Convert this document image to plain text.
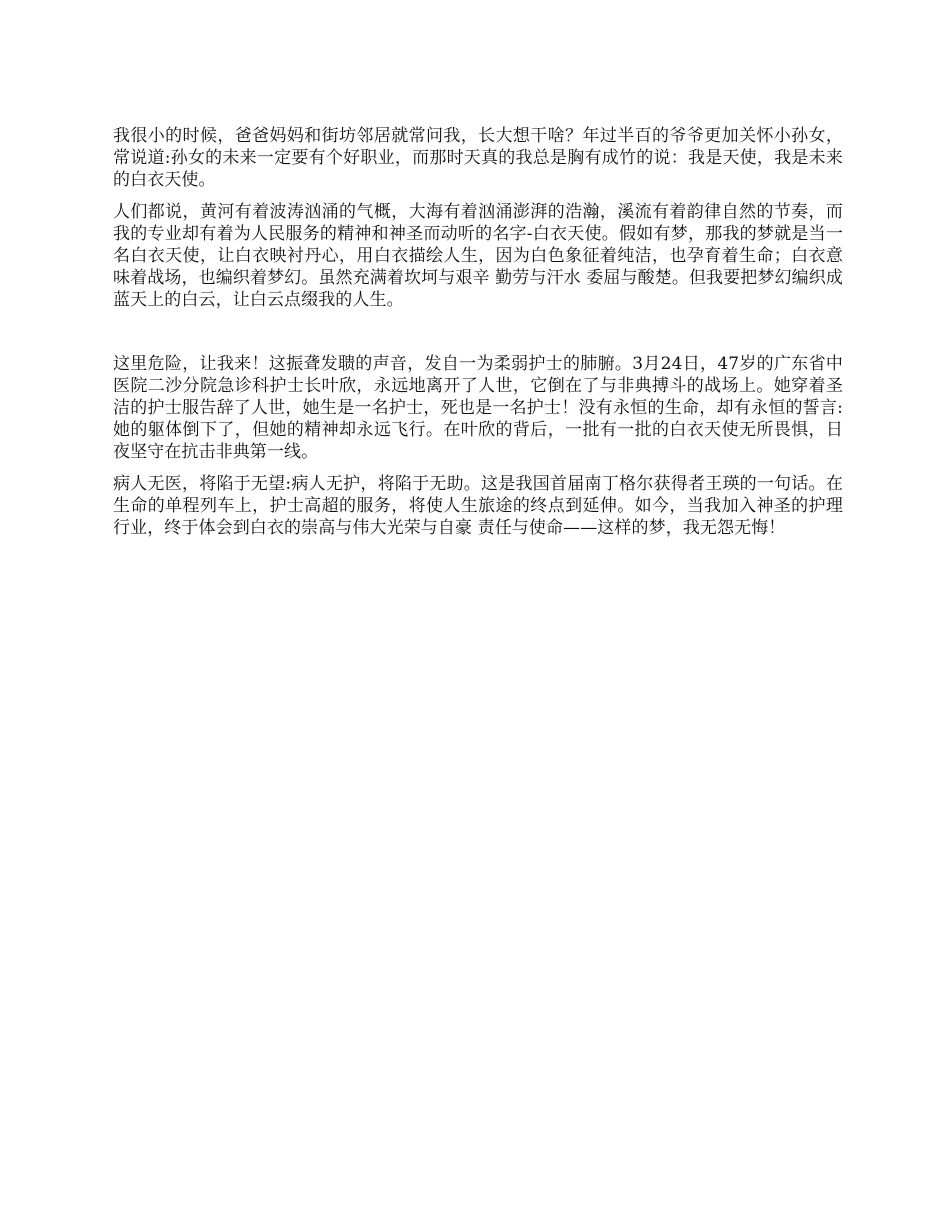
我很小的时候，爸爸妈妈和街坊邻居就常问我，长大想干啥？年过半百的爷爷更加关怀小孙女，常说道:孙女的未来一定要有个好职业，而那时天真的我总是胸有成竹的说：我是天使，我是未来的白衣天使。

人们都说，黄河有着波涛汹涌的气概，大海有着汹涌澎湃的浩瀚，溪流有着韵律自然的节奏，而我的专业却有着为人民服务的精神和神圣而动听的名字-白衣天使。假如有梦，那我的梦就是当一名白衣天使，让白衣映衬丹心，用白衣描绘人生，因为白色象征着纯洁，也孕育着生命；白衣意味着战场，也编织着梦幻。虽然充满着坎坷与艰辛 勤劳与汗水 委屈与酸楚。但我要把梦幻编织成蓝天上的白云，让白云点缀我的人生。

这里危险，让我来！这振聋发聩的声音，发自一为柔弱护士的肺腑。3月24日，47岁的广东省中医院二沙分院急诊科护士长叶欣，永远地离开了人世，它倒在了与非典搏斗的战场上。她穿着圣洁的护士服告辞了人世，她生是一名护士，死也是一名护士！没有永恒的生命，却有永恒的誓言:她的躯体倒下了，但她的精神却永远飞行。在叶欣的背后，一批有一批的白衣天使无所畏惧，日夜坚守在抗击非典第一线。

病人无医，将陷于无望:病人无护，将陷于无助。这是我国首届南丁格尔获得者王瑛的一句话。在生命的单程列车上，护士高超的服务，将使人生旅途的终点到延伸。如今，当我加入神圣的护理行业，终于体会到白衣的崇高与伟大光荣与自豪 责任与使命——这样的梦，我无怨无悔！
